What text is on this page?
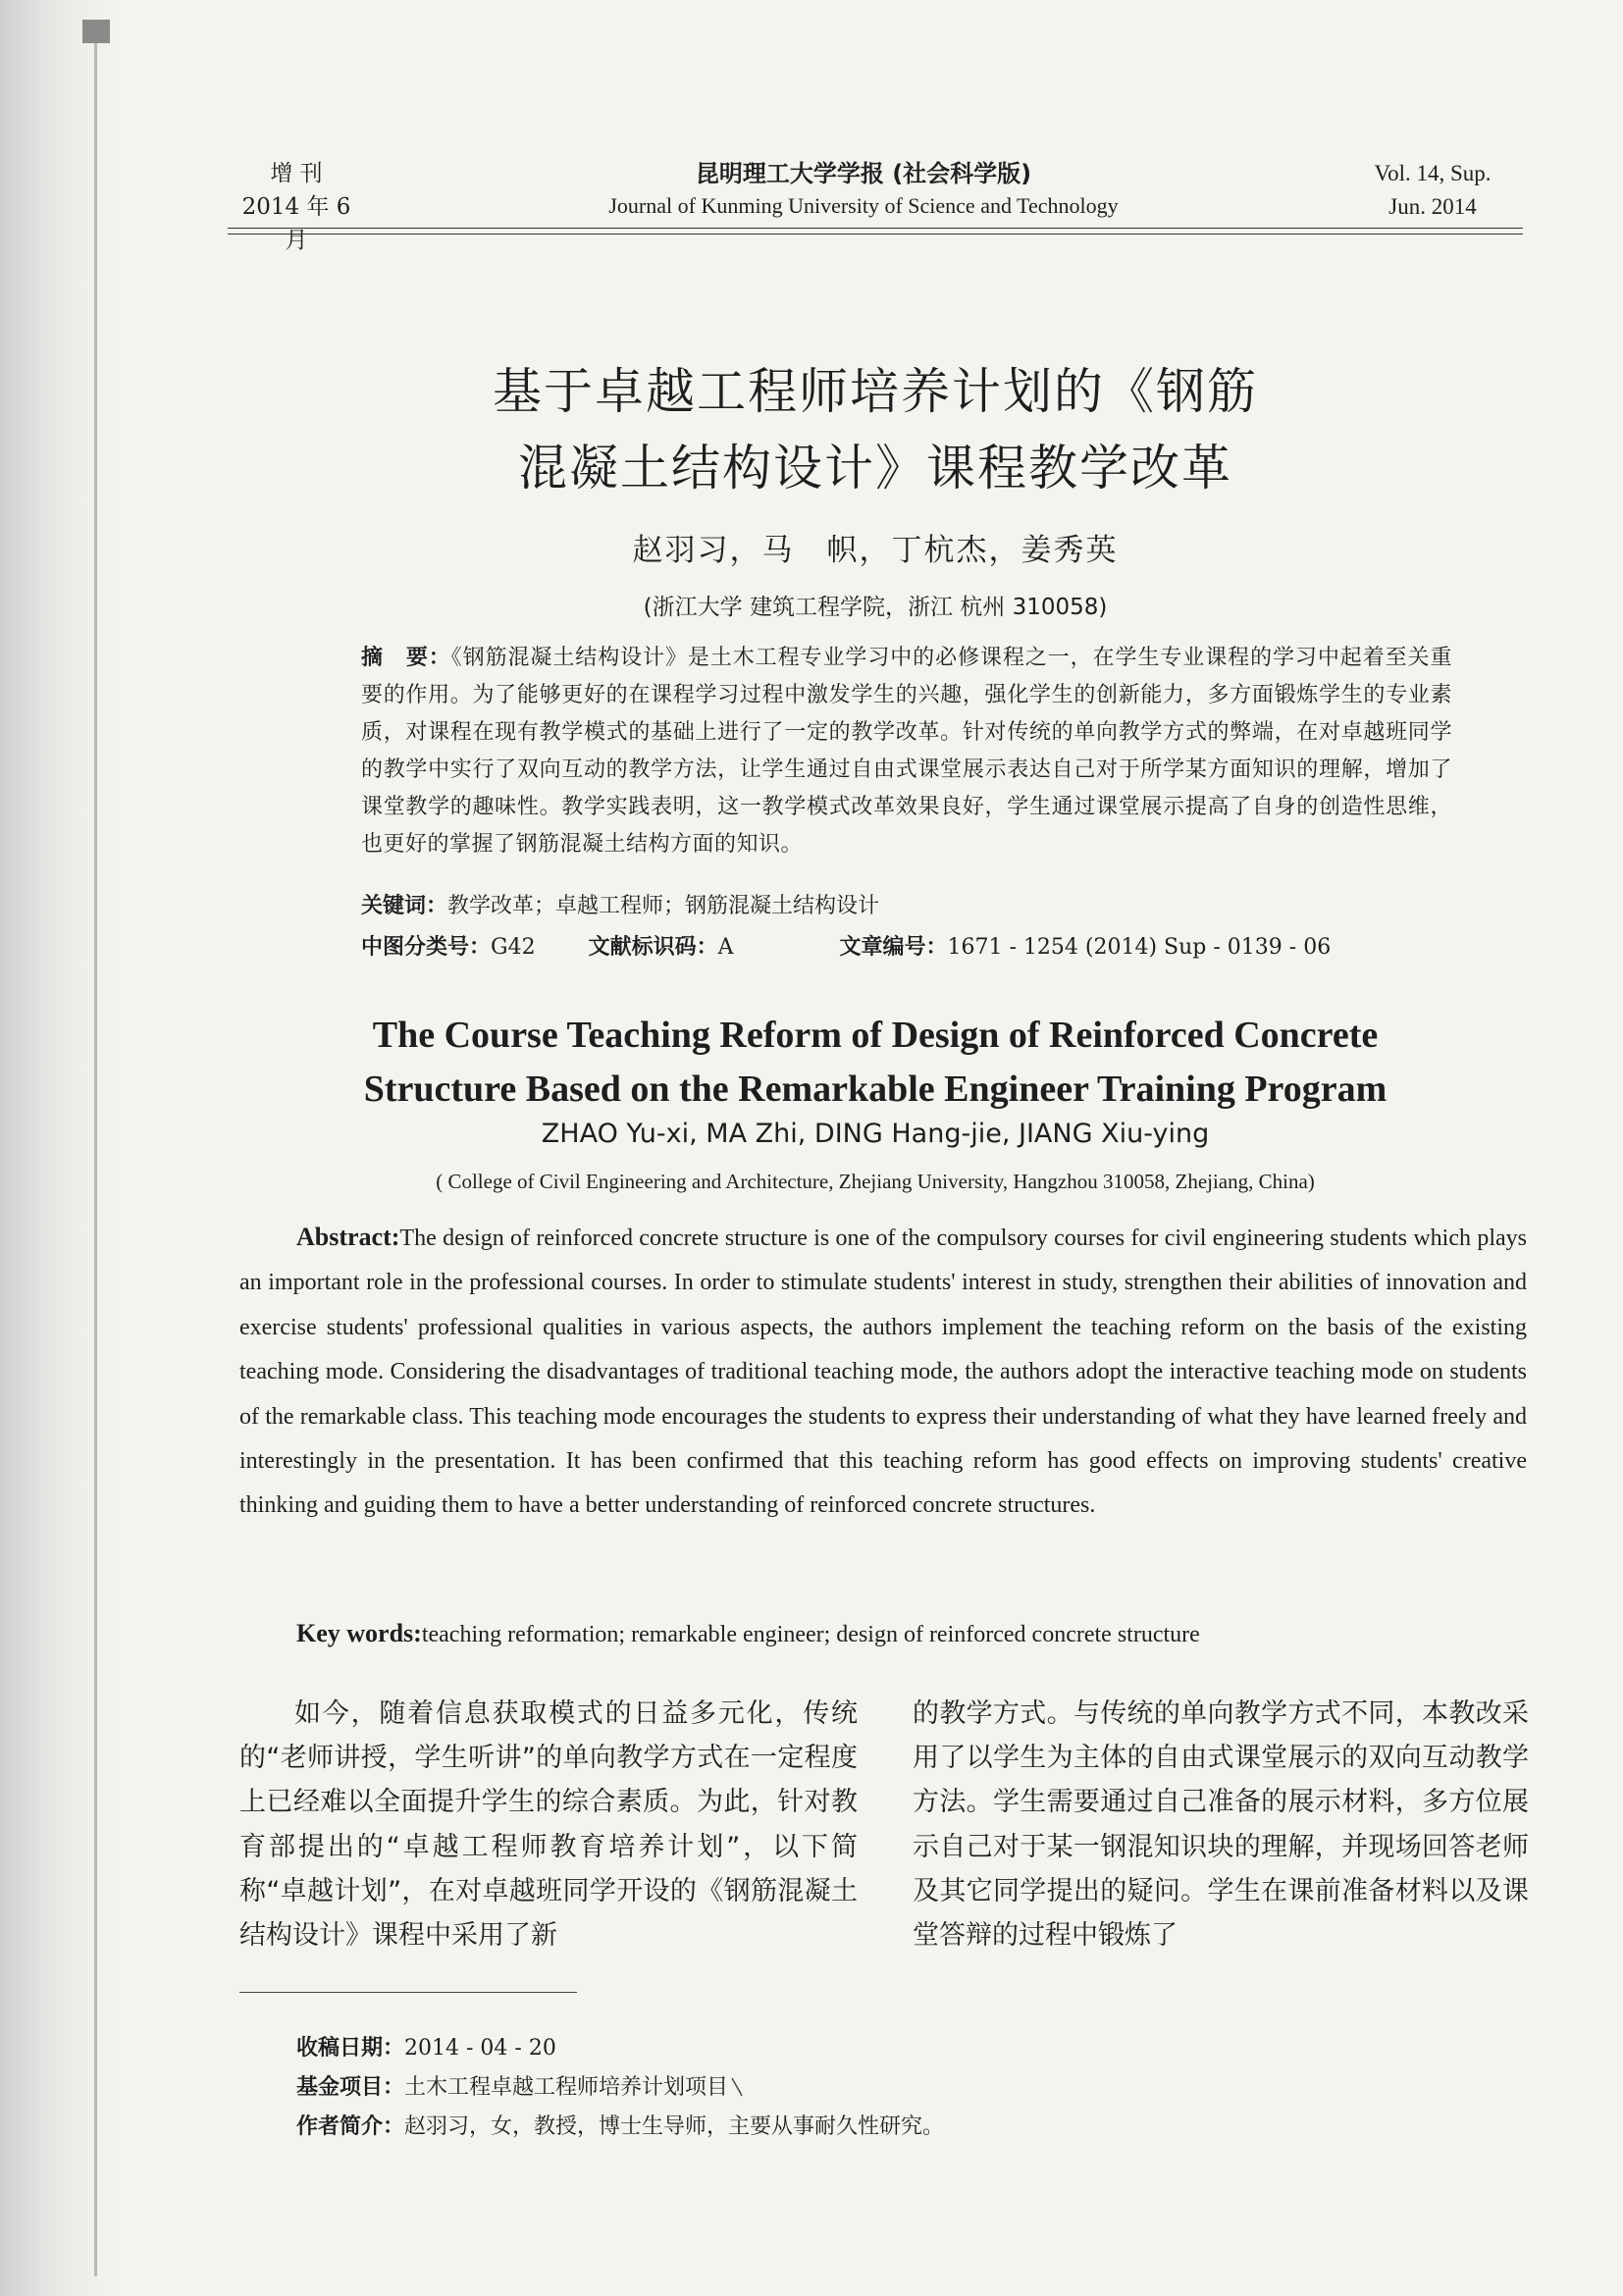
增 刊
2014 年 6 月
昆明理工大学学报 (社会科学版)
Journal of Kunming University of Science and Technology
Vol. 14, Sup.
Jun. 2014
基于卓越工程师培养计划的《钢筋
混凝土结构设计》课程教学改革
赵羽习，马　帜，丁杭杰，姜秀英
(浙江大学 建筑工程学院，浙江 杭州 310058)
摘　要：《钢筋混凝土结构设计》是土木工程专业学习中的必修课程之一，在学生专业课程的学习中起着至关重要的作用。为了能够更好的在课程学习过程中激发学生的兴趣，强化学生的创新能力，多方面锻炼学生的专业素质，对课程在现有教学模式的基础上进行了一定的教学改革。针对传统的单向教学方式的弊端，在对卓越班同学的教学中实行了双向互动的教学方法，让学生通过自由式课堂展示表达自己对于所学某方面知识的理解，增加了课堂教学的趣味性。教学实践表明，这一教学模式改革效果良好，学生通过课堂展示提高了自身的创造性思维，也更好的掌握了钢筋混凝土结构方面的知识。
关键词：教学改革；卓越工程师；钢筋混凝土结构设计
中图分类号：G42 文献标识码：A	文章编号：1671 - 1254 (2014) Sup - 0139 - 06
The Course Teaching Reform of Design of Reinforced Concrete
Structure Based on the Remarkable Engineer Training Program
ZHAO Yu-xi, MA Zhi, DING Hang-jie, JIANG Xiu-ying
( College of Civil Engineering and Architecture, Zhejiang University, Hangzhou 310058, Zhejiang, China)
Abstract:The design of reinforced concrete structure is one of the compulsory courses for civil engineering students which plays an important role in the professional courses. In order to stimulate students' interest in study, strengthen their abilities of innovation and exercise students' professional qualities in various aspects, the authors implement the teaching reform on the basis of the existing teaching mode. Considering the disadvantages of traditional teaching mode, the authors adopt the interactive teaching mode on students of the remarkable class. This teaching mode encourages the students to express their understanding of what they have learned freely and interestingly in the presentation. It has been confirmed that this teaching reform has good effects on improving students' creative thinking and guiding them to have a better understanding of reinforced concrete structures.
Key words:teaching reformation; remarkable engineer; design of reinforced concrete structure
如今，随着信息获取模式的日益多元化，传统的“老师讲授，学生听讲”的单向教学方式在一定程度上已经难以全面提升学生的综合素质。为此，针对教育部提出的“卓越工程师教育培养计划”，以下简称“卓越计划”，在对卓越班同学开设的《钢筋混凝土结构设计》课程中采用了新
的教学方式。与传统的单向教学方式不同，本教改采用了以学生为主体的自由式课堂展示的双向互动教学方法。学生需要通过自己准备的展示材料，多方位展示自己对于某一钢混知识块的理解，并现场回答老师及其它同学提出的疑问。学生在课前准备材料以及课堂答辩的过程中锻炼了
收稿日期：2014 - 04 - 20
基金项目：土木工程卓越工程师培养计划项目
作者简介：赵羽习，女，教授，博士生导师，主要从事耐久性研究。
